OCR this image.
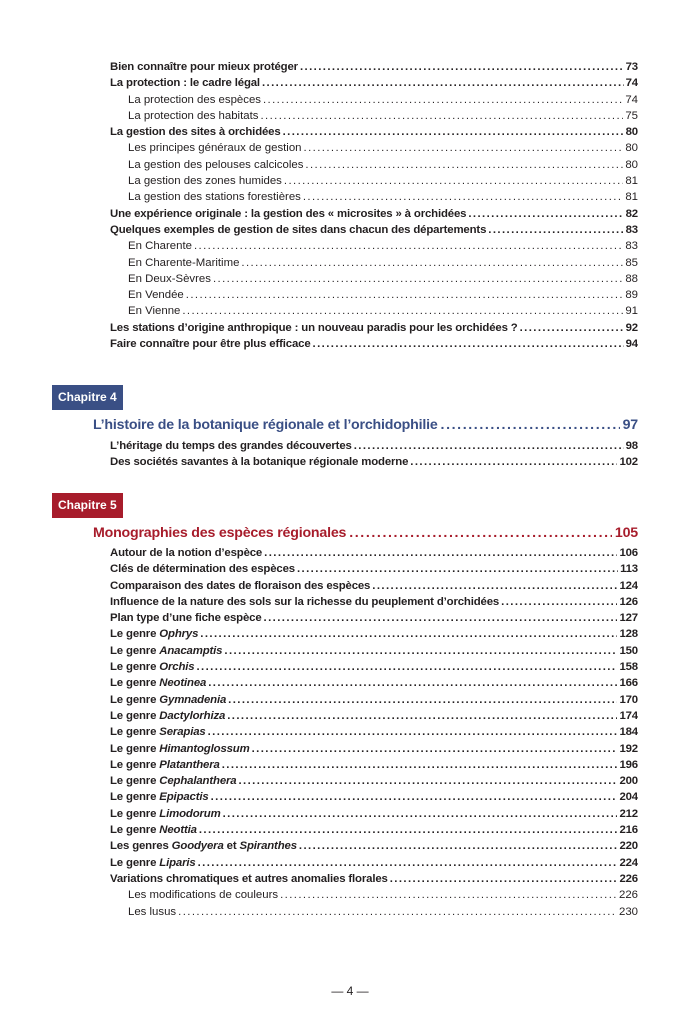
Bien connaître pour mieux protéger .....	73
La protection : le cadre légal .....	74
La protection des espèces .....	74
La protection des habitats .....	75
La gestion des sites à orchidées .....	80
Les principes généraux de gestion .....	80
La gestion des pelouses calcicoles .....	80
La gestion des zones humides .....	81
La gestion des stations forestières .....	81
Une expérience originale : la gestion des « microsites » à orchidées .....	82
Quelques exemples de gestion de sites dans chacun des départements .....	83
En Charente .....	83
En Charente-Maritime .....	85
En Deux-Sèvres .....	88
En Vendée .....	89
En Vienne .....	91
Les stations d’origine anthropique : un nouveau paradis pour les orchidées ? .....	92
Faire connaître pour être plus efficace .....	94
Chapitre 4
L’histoire de la botanique régionale et l’orchidophilie .....	97
L’héritage du temps des grandes découvertes .....	98
Des sociétés savantes à la botanique régionale moderne .....	102
Chapitre 5
Monographies des espèces régionales .....	105
Autour de la notion d’espèce .....	106
Clés de détermination des espèces .....	113
Comparaison des dates de floraison des espèces .....	124
Influence de la nature des sols sur la richesse du peuplement d’orchidées .....	126
Plan type d’une fiche espèce .....	127
Le genre Ophrys .....	128
Le genre Anacamptis .....	150
Le genre Orchis .....	158
Le genre Neotinea .....	166
Le genre Gymnadenia .....	170
Le genre Dactylorhiza .....	174
Le genre Serapias .....	184
Le genre Himantoglossum .....	192
Le genre Platanthera .....	196
Le genre Cephalanthera .....	200
Le genre Epipactis .....	204
Le genre Limodorum .....	212
Le genre Neottia .....	216
Les genres Goodyera et Spiranthes .....	220
Le genre Liparis .....	224
Variations chromatiques et autres anomalies florales .....	226
Les modifications de couleurs .....	226
Les lusus .....	230
— 4 —
